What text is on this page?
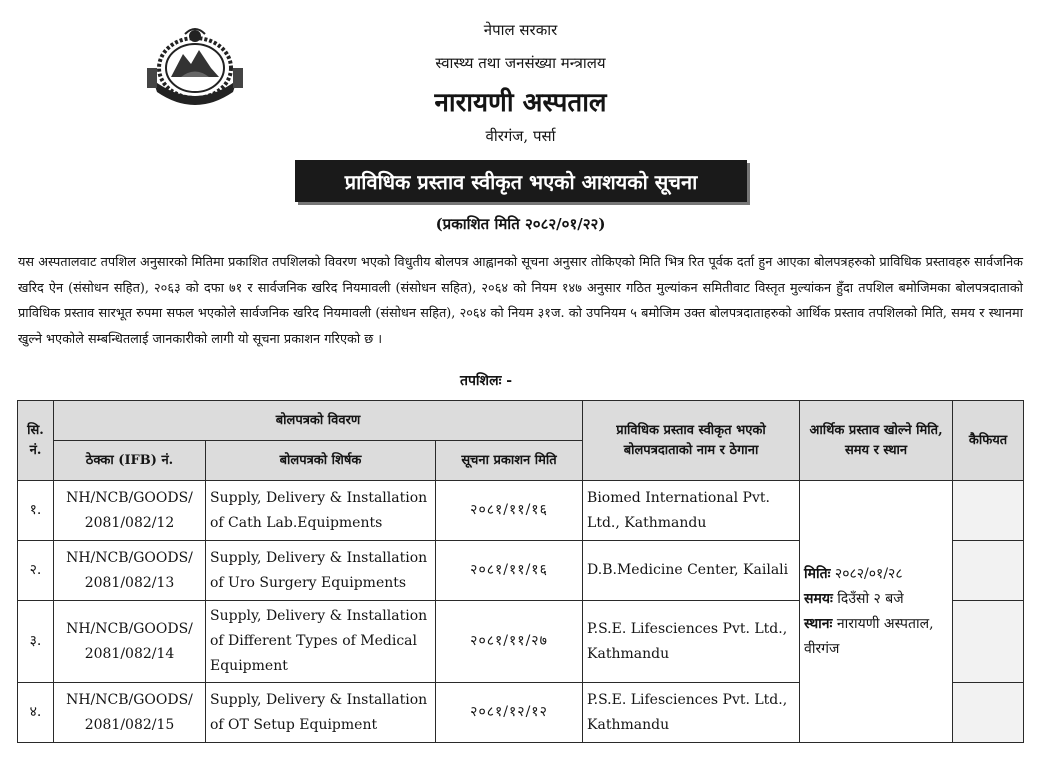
नेपाल सरकार
स्वास्थ्य तथा जनसंख्या मन्त्रालय
नारायणी अस्पताल
वीरगंज, पर्सा
प्राविधिक प्रस्ताव स्वीकृत भएको आशयको सूचना
(प्रकाशित मिति २०८२/०१/२२)

यस अस्पतालवाट तपशिल अनुसारको मितिमा प्रकाशित तपशिलको विवरण भएको विधुतीय बोलपत्र आह्वानको सूचना अनुसार तोकिएको मिति भित्र रित पूर्वक दर्ता हुन आएका बोलपत्रहरुको प्राविधिक प्रस्तावहरु सार्वजनिक खरिद ऐन (संसोधन सहित), २०६३ को दफा ७१ र सार्वजनिक खरिद नियमावली (संसोधन सहित), २०६४ को नियम १४७ अनुसार गठित मुल्यांकन समितीवाट विस्तृत मुल्यांकन हुँदा तपशिल बमोजिमका बोलपत्रदाताको प्राविधिक प्रस्ताव सारभूत रुपमा सफल भएकोले सार्वजनिक खरिद नियमावली (संसोधन सहित), २०६४ को नियम ३१ज. को उपनियम ५ बमोजिम उक्त बोलपत्रदाताहरुको आर्थिक प्रस्ताव तपशिलको मिति, समय र स्थानमा खुल्ने भएकोले सम्बन्धितलाई जानकारीको लागी यो सूचना प्रकाशन गरिएको छ ।

तपशिलः -
सि. नं.	बोलपत्रको विवरण			प्राविधिक प्रस्ताव स्वीकृत भएको बोलपत्रदाताको नाम र ठेगाना	आर्थिक प्रस्ताव खोल्ने मिति, समय र स्थान	कैफियत
	ठेक्का (IFB) नं.	बोलपत्रको शिर्षक	सूचना प्रकाशन मिति			
१.	NH/NCB/GOODS/ 2081/082/12	Supply, Delivery & Installation of Cath Lab.Equipments	२०८१/११/१६	Biomed International Pvt. Ltd., Kathmandu	मितिः २०८२/०१/२८
समयः दिउँसो २ बजे
स्थानः नारायणी अस्पताल, वीरगंज	

२.	NH/NCB/GOODS/ 2081/082/13	Supply, Delivery & Installation of Uro Surgery Equipments	२०८१/११/१६	D.B.Medicine Center, Kailali		
३.	NH/NCB/GOODS/ 2081/082/14	Supply, Delivery & Installation of Different Types of Medical Equipment	२०८१/११/२७	P.S.E. Lifesciences Pvt. Ltd., Kathmandu		
४.	NH/NCB/GOODS/ 2081/082/15	Supply, Delivery & Installation of OT Setup Equipment	२०८१/१२/१२	P.S.E. Lifesciences Pvt. Ltd., Kathmandu		
